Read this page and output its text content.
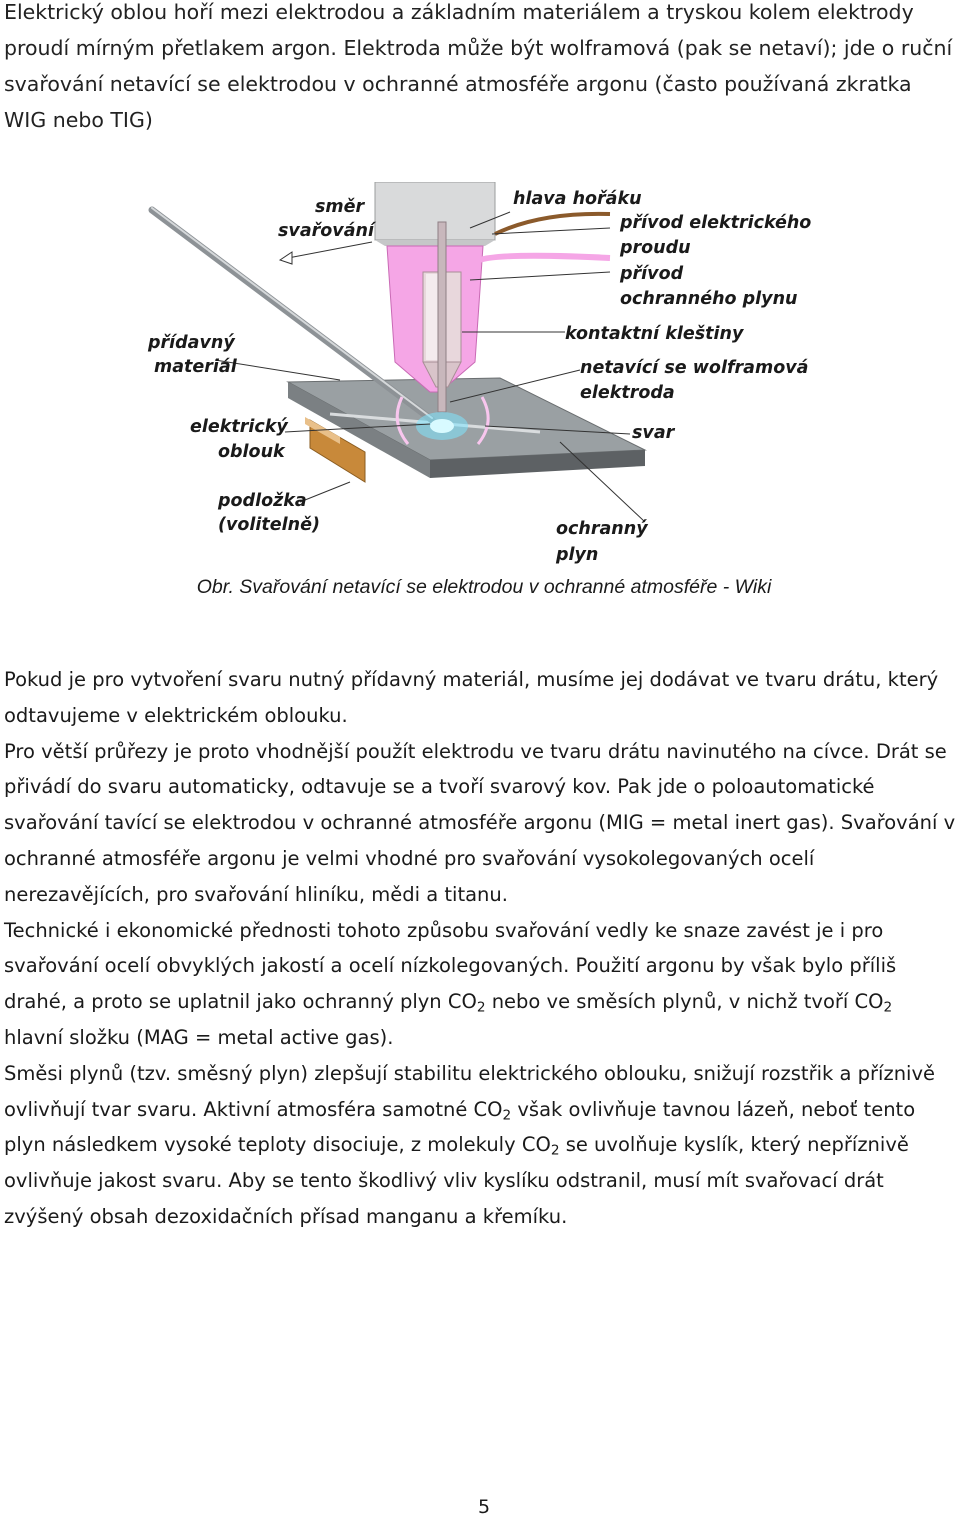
Elektrický oblou hoří mezi elektrodou a základním materiálem a tryskou kolem elektrody proudí mírným přetlakem argon. Elektroda může být wolframová (pak se netaví); jde o ruční svařování netavící se elektrodou v ochranné atmosféře argonu (často používaná zkratka WIG nebo TIG)

směr
svařování
hlava hořáku
přívod elektrického
proudu
přívod
ochranného plynu
kontaktní kleštiny
netavící se wolframová
elektroda
přídavný
materiál
elektrický
oblouk
svar
podložka
(volitelně)	ochranný
plyn

Obr. Svařování netavící se elektrodou v ochranné atmosféře - Wiki

Pokud je pro vytvoření svaru nutný přídavný materiál, musíme jej dodávat ve tvaru drátu, který odtavujeme v elektrickém oblouku.

Pro větší průřezy je proto vhodnější použít elektrodu ve tvaru drátu navinutého na cívce. Drát se přivádí do svaru automaticky, odtavuje se a tvoří svarový kov. Pak jde o poloautomatické svařování tavící se elektrodou v ochranné atmosféře argonu (MIG = metal inert gas). Svařování v ochranné atmosféře argonu je velmi vhodné pro svařování vysokolegovaných ocelí nerezavějících, pro svařování hliníku, mědi a titanu.

Technické i ekonomické přednosti tohoto způsobu svařování vedly ke snaze zavést je i pro svařování ocelí obvyklých jakostí a ocelí nízkolegovaných. Použití argonu by však bylo příliš drahé, a proto se uplatnil jako ochranný plyn $CO_2$ nebo ve směsích plynů, v nichž tvoří $CO_2$ hlavní složku (MAG = metal active gas).

Směsi plynů (tzv. směsný plyn) zlepšují stabilitu elektrického oblouku, snižují rozstřik a příznivě ovlivňují tvar svaru. Aktivní atmosféra samotné $CO_2$ však ovlivňuje tavnou lázeň, neboť tento plyn následkem vysoké teploty disociuje, z molekuly $CO_2$ se uvolňuje kyslík, který nepříznivě ovlivňuje jakost svaru. Aby se tento škodlivý vliv kyslíku odstranil, musí mít svařovací drát zvýšený obsah dezoxidačních přísad manganu a křemíku.

5
